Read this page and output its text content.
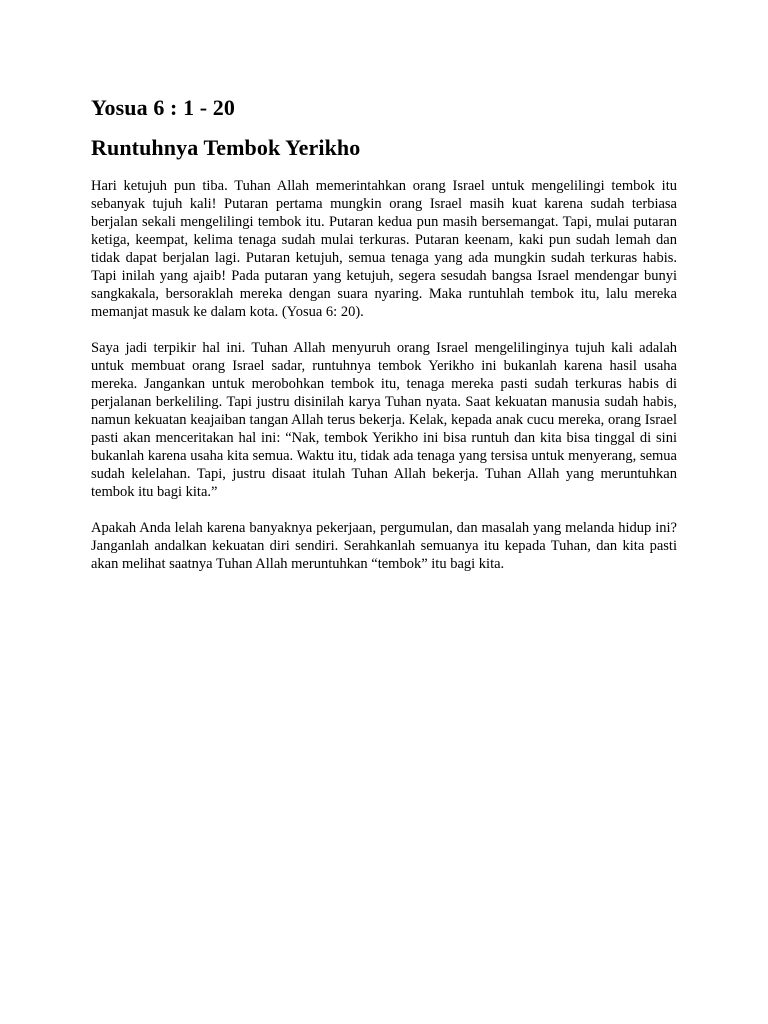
Yosua 6 : 1 - 20
Runtuhnya Tembok Yerikho

Hari ketujuh pun tiba. Tuhan Allah memerintahkan orang Israel untuk mengelilingi tembok itu sebanyak tujuh kali! Putaran pertama mungkin orang Israel masih kuat karena sudah terbiasa berjalan sekali mengelilingi tembok itu. Putaran kedua pun masih bersemangat. Tapi, mulai putaran ketiga, keempat, kelima tenaga sudah mulai terkuras. Putaran keenam, kaki pun sudah lemah dan tidak dapat berjalan lagi. Putaran ketujuh, semua tenaga yang ada mungkin sudah terkuras habis. Tapi inilah yang ajaib! Pada putaran yang ketujuh, segera sesudah bangsa Israel mendengar bunyi sangkakala, bersoraklah mereka dengan suara nyaring. Maka runtuhlah tembok itu, lalu mereka memanjat masuk ke dalam kota. (Yosua 6: 20).

Saya jadi terpikir hal ini. Tuhan Allah menyuruh orang Israel mengelilinginya tujuh kali adalah untuk membuat orang Israel sadar, runtuhnya tembok Yerikho ini bukanlah karena hasil usaha mereka. Jangankan untuk merobohkan tembok itu, tenaga mereka pasti sudah terkuras habis di perjalanan berkeliling. Tapi justru disinilah karya Tuhan nyata. Saat kekuatan manusia sudah habis, namun kekuatan keajaiban tangan Allah terus bekerja. Kelak, kepada anak cucu mereka, orang Israel pasti akan menceritakan hal ini: “Nak, tembok Yerikho ini bisa runtuh dan kita bisa tinggal di sini bukanlah karena usaha kita semua. Waktu itu, tidak ada tenaga yang tersisa untuk menyerang, semua sudah kelelahan. Tapi, justru disaat itulah Tuhan Allah bekerja. Tuhan Allah yang meruntuhkan tembok itu bagi kita.”

Apakah Anda lelah karena banyaknya pekerjaan, pergumulan, dan masalah yang melanda hidup ini? Janganlah andalkan kekuatan diri sendiri. Serahkanlah semuanya itu kepada Tuhan, dan kita pasti akan melihat saatnya Tuhan Allah meruntuhkan “tembok” itu bagi kita.
